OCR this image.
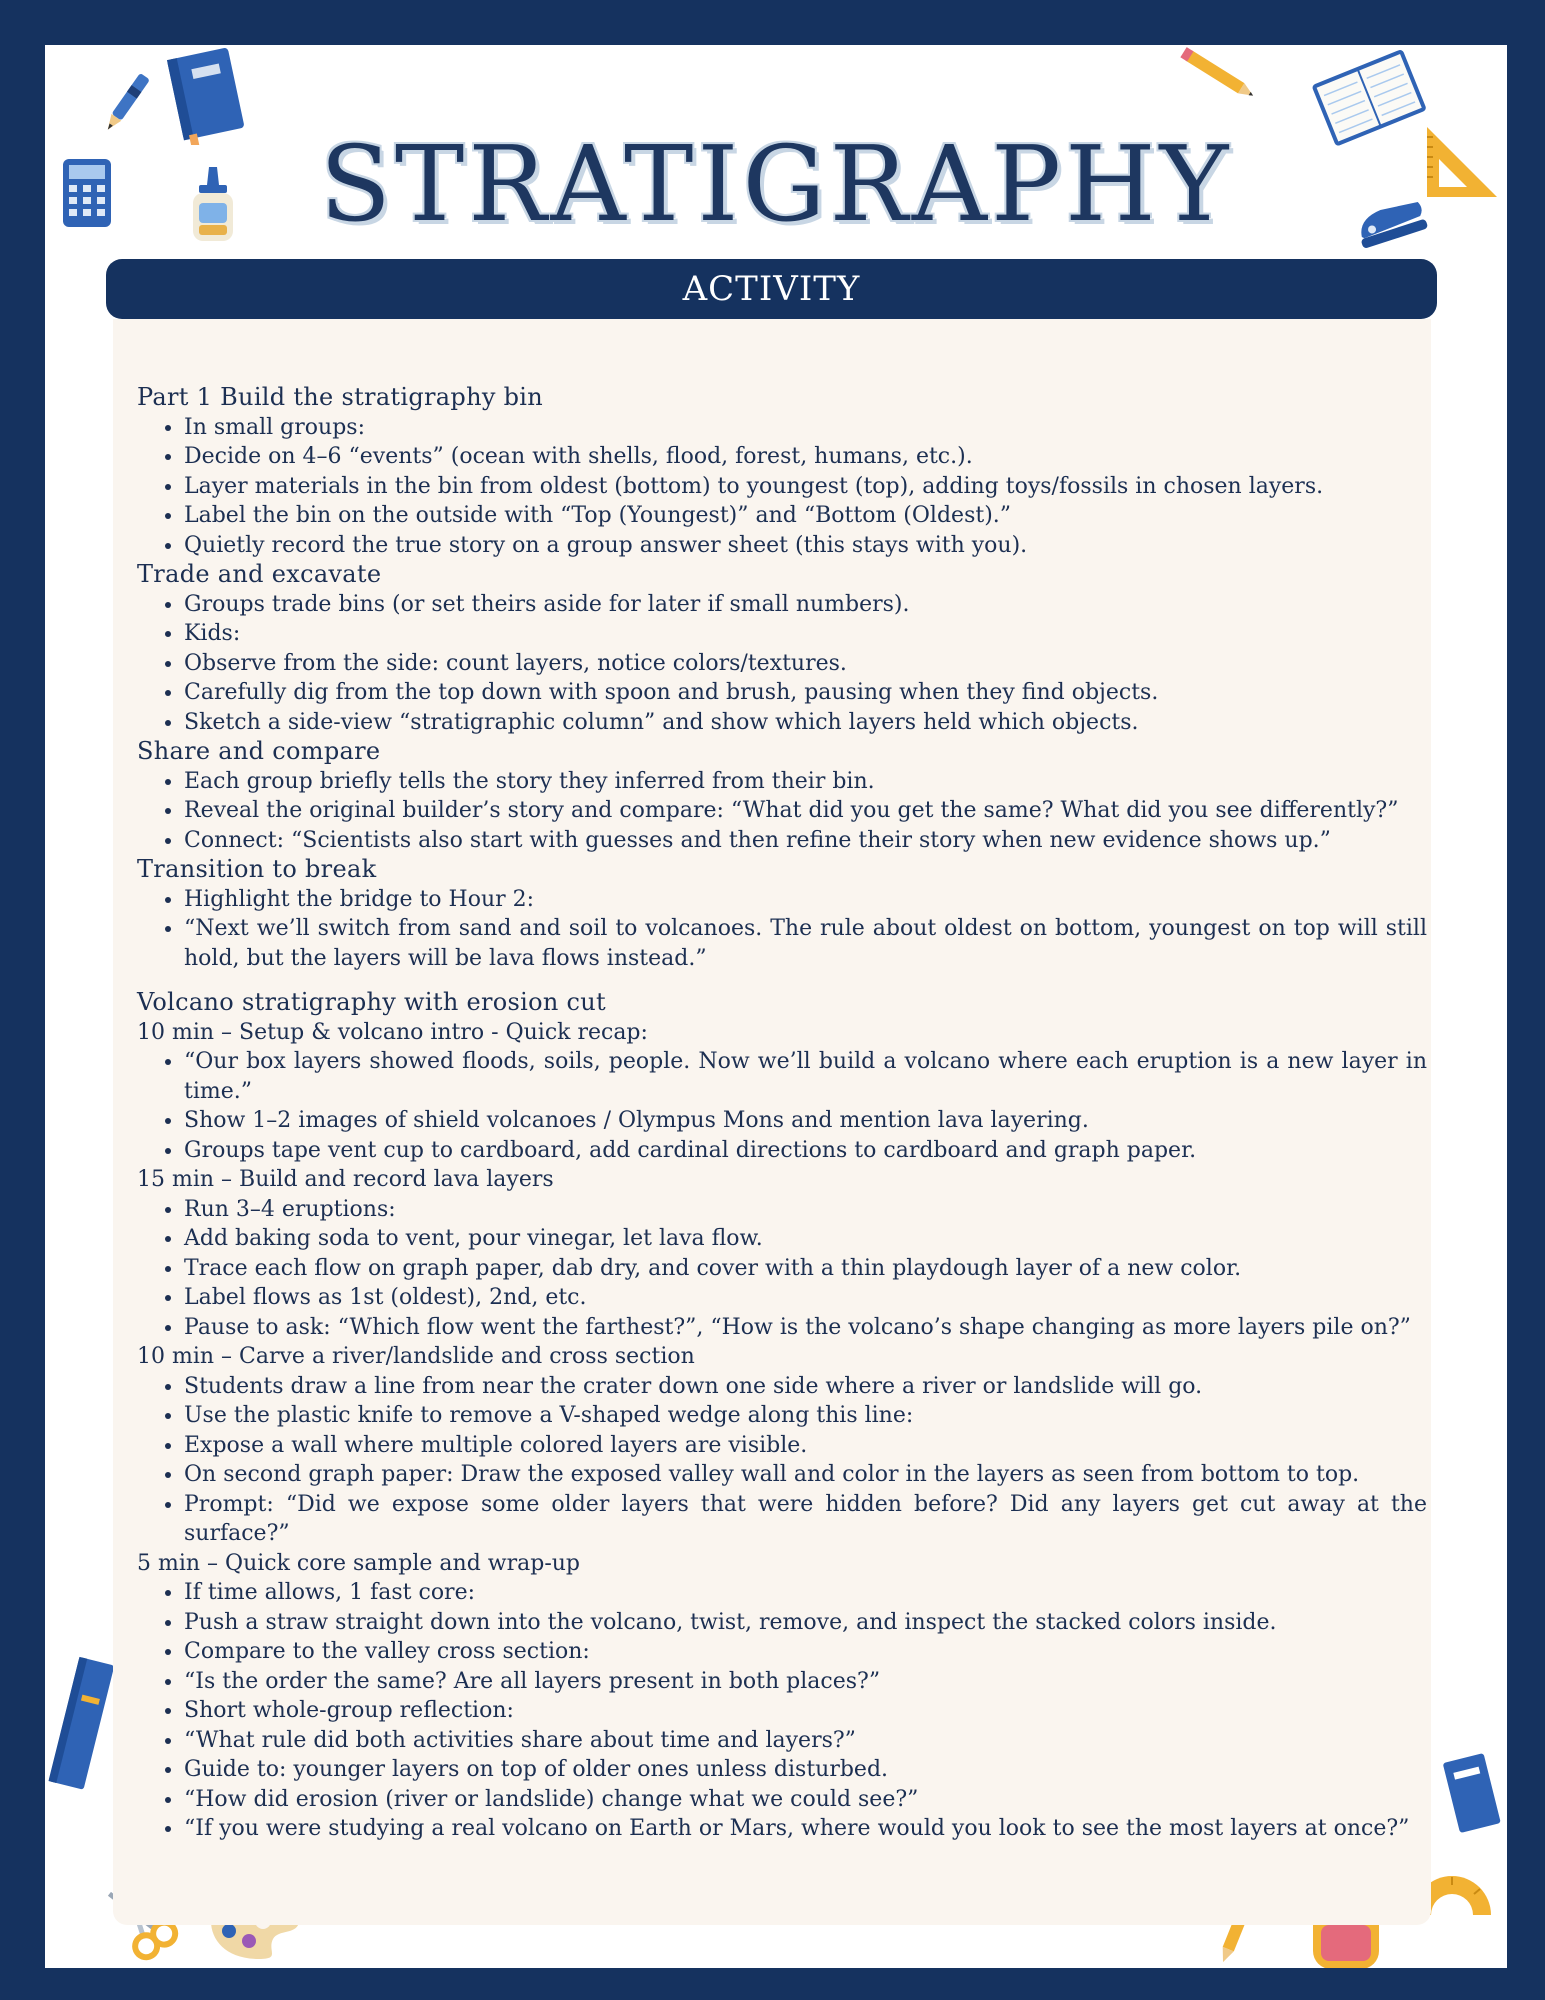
STRATIGRAPHY
Part 1 Build the stratigraphy bin
• In small groups:
• Decide on 4–6 “events” (ocean with shells, flood, forest, humans, etc.).
• Layer materials in the bin from oldest (bottom) to youngest (top), adding toys/fossils in chosen layers.
• Label the bin on the outside with “Top (Youngest)” and “Bottom (Oldest).”
• Quietly record the true story on a group answer sheet (this stays with you).
Trade and excavate
• Groups trade bins (or set theirs aside for later if small numbers).
• Kids:
• Observe from the side: count layers, notice colors/textures.
• Carefully dig from the top down with spoon and brush, pausing when they find objects.
• Sketch a side-view “stratigraphic column” and show which layers held which objects.
Share and compare
• Each group briefly tells the story they inferred from their bin.
• Reveal the original builder’s story and compare: “What did you get the same? What did you see differently?”
• Connect: “Scientists also start with guesses and then refine their story when new evidence shows up.”
Transition to break
• Highlight the bridge to Hour 2:
• “Next we’ll switch from sand and soil to volcanoes. The rule about oldest on bottom, youngest on top will still hold, but the layers will be lava flows instead.”
Volcano stratigraphy with erosion cut
10 min – Setup & volcano intro - Quick recap:
• “Our box layers showed floods, soils, people. Now we’ll build a volcano where each eruption is a new layer in time.”
• Show 1–2 images of shield volcanoes / Olympus Mons and mention lava layering.
• Groups tape vent cup to cardboard, add cardinal directions to cardboard and graph paper.
15 min – Build and record lava layers
• Run 3–4 eruptions:
• Add baking soda to vent, pour vinegar, let lava flow.
• Trace each flow on graph paper, dab dry, and cover with a thin playdough layer of a new color.
• Label flows as 1st (oldest), 2nd, etc.
• Pause to ask: “Which flow went the farthest?”, “How is the volcano’s shape changing as more layers pile on?”
10 min – Carve a river/landslide and cross section
• Students draw a line from near the crater down one side where a river or landslide will go.
• Use the plastic knife to remove a V-shaped wedge along this line:
• Expose a wall where multiple colored layers are visible.
• On second graph paper: Draw the exposed valley wall and color in the layers as seen from bottom to top.
• Prompt: “Did we expose some older layers that were hidden before? Did any layers get cut away at the surface?”
5 min – Quick core sample and wrap-up
• If time allows, 1 fast core:
• Push a straw straight down into the volcano, twist, remove, and inspect the stacked colors inside.
• Compare to the valley cross section:
• “Is the order the same? Are all layers present in both places?”
• Short whole-group reflection:
• “What rule did both activities share about time and layers?”
• Guide to: younger layers on top of older ones unless disturbed.
• “How did erosion (river or landslide) change what we could see?”
• “If you were studying a real volcano on Earth or Mars, where would you look to see the most layers at once?”
ACTIVITY
